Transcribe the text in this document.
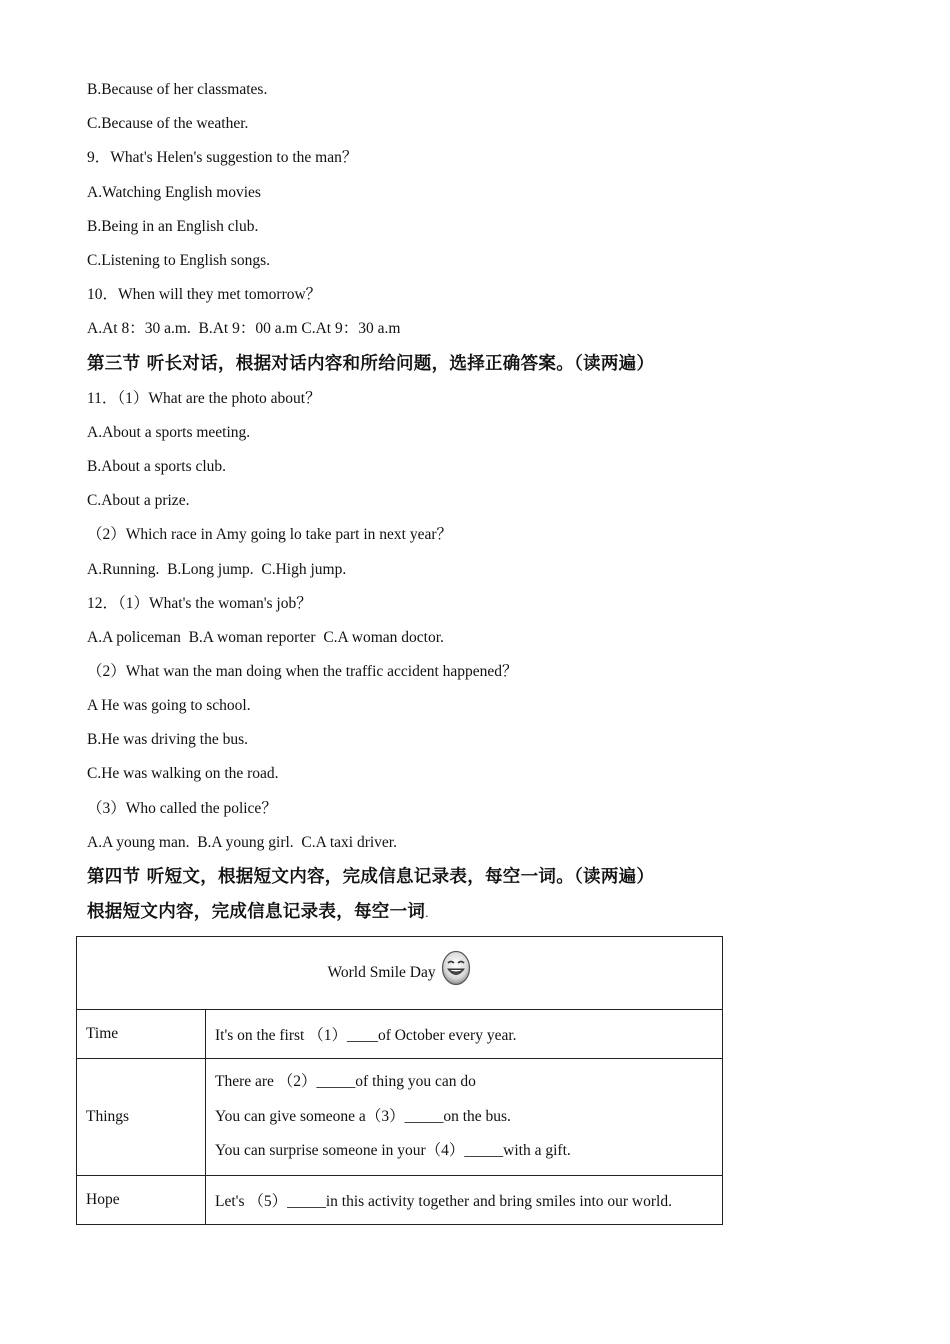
B.Because of her classmates.
C.Because of the weather.
9．What's Helen's suggestion to the man？
A.Watching English movies
B.Being in an English club.
C.Listening to English songs.
10．When will they met tomorrow？
A.At 8：30 a.m.  B.At 9：00 a.m C.At 9：30 a.m
第三节 听长对话，根据对话内容和所给问题，选择正确答案。（读两遍）
11．（1）What are the photo about？
A.About a sports meeting.
B.About a sports club.
C.About a prize.
（2）Which race in Amy going lo take part in next year？
A.Running.  B.Long jump.  C.High jump.
12．（1）What's the woman's job？
A.A policeman  B.A woman reporter  C.A woman doctor.
（2）What wan the man doing when the traffic accident happened？
A He was going to school.
B.He was driving the bus.
C.He was walking on the road.
（3）Who called the police？
A.A young man.  B.A young girl.  C.A taxi driver.
第四节 听短文，根据短文内容，完成信息记录表，每空一词。（读两遍）
根据短文内容，完成信息记录表，每空一词.
World Smile Day	
Time	It's on the first （1）____of October every year.
Things	There are （2）_____of thing you can do
You can give someone a（3）_____on the bus.
You can surprise someone in your（4）_____with a gift.

Hope	Let's （5）_____in this activity together and bring smiles into our world.
